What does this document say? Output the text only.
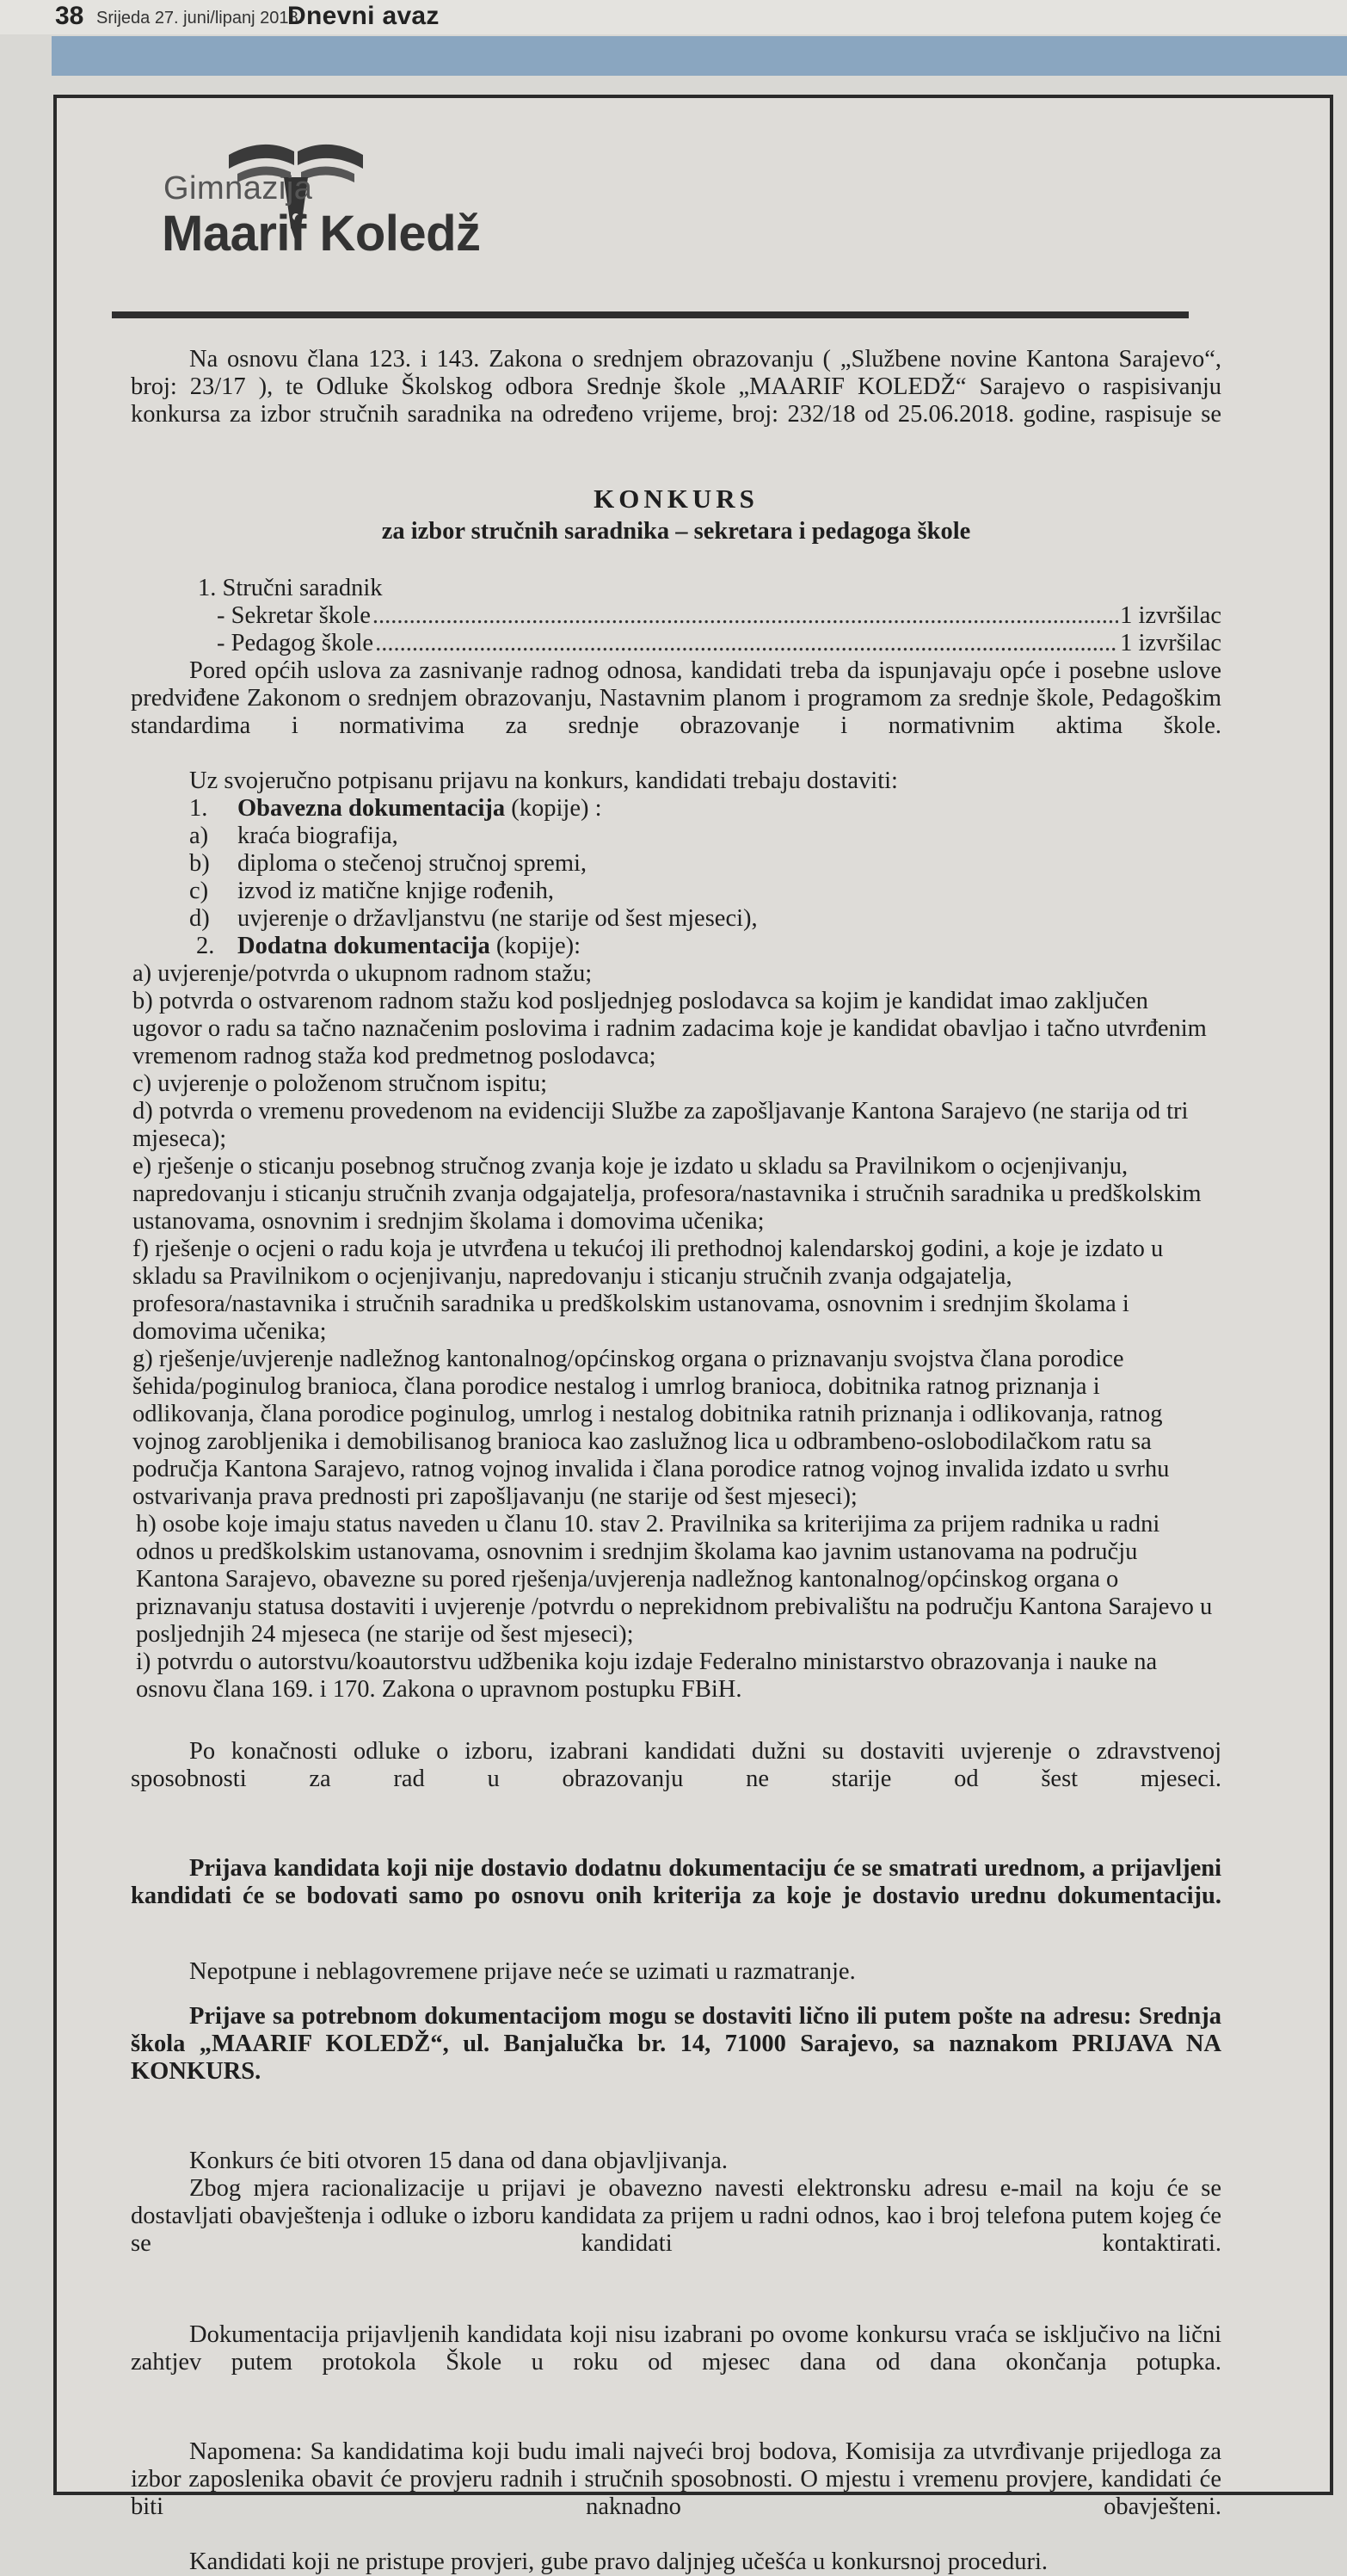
38 Srijeda 27. juni/lipanj 2018.
Dnevni avaz
Gimnazija
Maarif Koledž

Na osnovu člana 123. i 143. Zakona o srednjem obrazovanju ( „Službene novine Kantona Sarajevo“, broj: 23/17 ), te Odluke Školskog odbora Srednje škole „MAARIF KOLEDŽ“ Sarajevo o raspisivanju konkursa za izbor stručnih saradnika na određeno vrijeme, broj: 232/18 od 25.06.2018. godine, raspisuje se

KONKURS
za izbor stručnih saradnika – sekretara i pedagoga škole
1. Stručni saradnik
- Sekretar škole .....	1 izvršilac
- Pedagog škole .....	1 izvršilac

Pored općih uslova za zasnivanje radnog odnosa, kandidati treba da ispunjavaju opće i posebne uslove predviđene Zakonom o srednjem obrazovanju, Nastavnim planom i programom za srednje škole, Pedagoškim standardima i normativima za srednje obrazovanje i normativnim aktima škole.

Uz svojeručno potpisanu prijavu na konkurs, kandidati trebaju dostaviti:
1.	Obavezna dokumentacija (kopije) :
a)	kraća biografija,
b)	diploma o stečenoj stručnoj spremi,
c)	izvod iz matične knjige rođenih,
d)	uvjerenje o državljanstvu (ne starije od šest mjeseci),
2. Dodatna dokumentacija (kopije):
a) uvjerenje/potvrda o ukupnom radnom stažu;
b) potvrda o ostvarenom radnom stažu kod posljednjeg poslodavca sa kojim je kandidat imao zaključen ugovor o radu sa tačno naznačenim poslovima i radnim zadacima koje je kandidat obavljao i tačno utvrđenim vremenom radnog staža kod predmetnog poslodavca;
c) uvjerenje o položenom stručnom ispitu;
d) potvrda o vremenu provedenom na evidenciji Službe za zapošljavanje Kantona Sarajevo (ne starija od tri mjeseca);
e) rješenje o sticanju posebnog stručnog zvanja koje je izdato u skladu sa Pravilnikom o ocjenjivanju, napredovanju i sticanju stručnih zvanja odgajatelja, profesora/nastavnika i stručnih saradnika u predškolskim ustanovama, osnovnim i srednjim školama i domovima učenika;
f) rješenje o ocjeni o radu koja je utvrđena u tekućoj ili prethodnoj kalendarskoj godini, a koje je izdato u skladu sa Pravilnikom o ocjenjivanju, napredovanju i sticanju stručnih zvanja odgajatelja, profesora/nastavnika i stručnih saradnika u predškolskim ustanovama, osnovnim i srednjim školama i domovima učenika;
g) rješenje/uvjerenje nadležnog kantonalnog/općinskog organa o priznavanju svojstva člana porodice šehida/poginulog branioca, člana porodice nestalog i umrlog branioca, dobitnika ratnog priznanja i odlikovanja, člana porodice poginulog, umrlog i nestalog dobitnika ratnih priznanja i odlikovanja, ratnog vojnog zarobljenika i demobilisanog branioca kao zaslužnog lica u odbrambeno-oslobodilačkom ratu sa područja Kantona Sarajevo, ratnog vojnog invalida i člana porodice ratnog vojnog invalida izdato u svrhu ostvarivanja prava prednosti pri zapošljavanju (ne starije od šest mjeseci);
h) osobe koje imaju status naveden u članu 10. stav 2. Pravilnika sa kriterijima za prijem radnika u radni odnos u predškolskim ustanovama, osnovnim i srednjim školama kao javnim ustanovama na području Kantona Sarajevo, obavezne su pored rješenja/uvjerenja nadležnog kantonalnog/općinskog organa o priznavanju statusa dostaviti i uvjerenje /potvrdu o neprekidnom prebivalištu na području Kantona Sarajevo u posljednjih 24 mjeseca (ne starije od šest mjeseci);
i) potvrdu o autorstvu/koautorstvu udžbenika koju izdaje Federalno ministarstvo obrazovanja i nauke na osnovu člana 169. i 170. Zakona o upravnom postupku FBiH.

Po konačnosti odluke o izboru, izabrani kandidati dužni su dostaviti uvjerenje o zdravstvenoj sposobnosti za rad u obrazovanju ne starije od šest mjeseci.

Prijava kandidata koji nije dostavio dodatnu dokumentaciju će se smatrati urednom, a prijavljeni kandidati će se bodovati samo po osnovu onih kriterija za koje je dostavio urednu dokumentaciju.

Nepotpune i neblagovremene prijave neće se uzimati u razmatranje.

Prijave sa potrebnom dokumentacijom mogu se dostaviti lično ili putem pošte na adresu: Srednja škola „MAARIF KOLEDŽ“, ul. Banjalučka br. 14, 71000 Sarajevo, sa naznakom PRIJAVA NA KONKURS.

Konkurs će biti otvoren 15 dana od dana objavljivanja.

Zbog mjera racionalizacije u prijavi je obavezno navesti elektronsku adresu e-mail na koju će se dostavljati obavještenja i odluke o izboru kandidata za prijem u radni odnos, kao i broj telefona putem kojeg će se kandidati kontaktirati.

Dokumentacija prijavljenih kandidata koji nisu izabrani po ovome konkursu vraća se isključivo na lični zahtjev putem protokola Škole u roku od mjesec dana od dana okončanja potupka.

Napomena: Sa kandidatima koji budu imali najveći broj bodova, Komisija za utvrđivanje prijedloga za izbor zaposlenika obavit će provjeru radnih i stručnih sposobnosti. O mjestu i vremenu provjere, kandidati će biti naknadno obavješteni.

Kandidati koji ne pristupe provjeri, gube pravo daljnjeg učešća u konkursnoj proceduri.
